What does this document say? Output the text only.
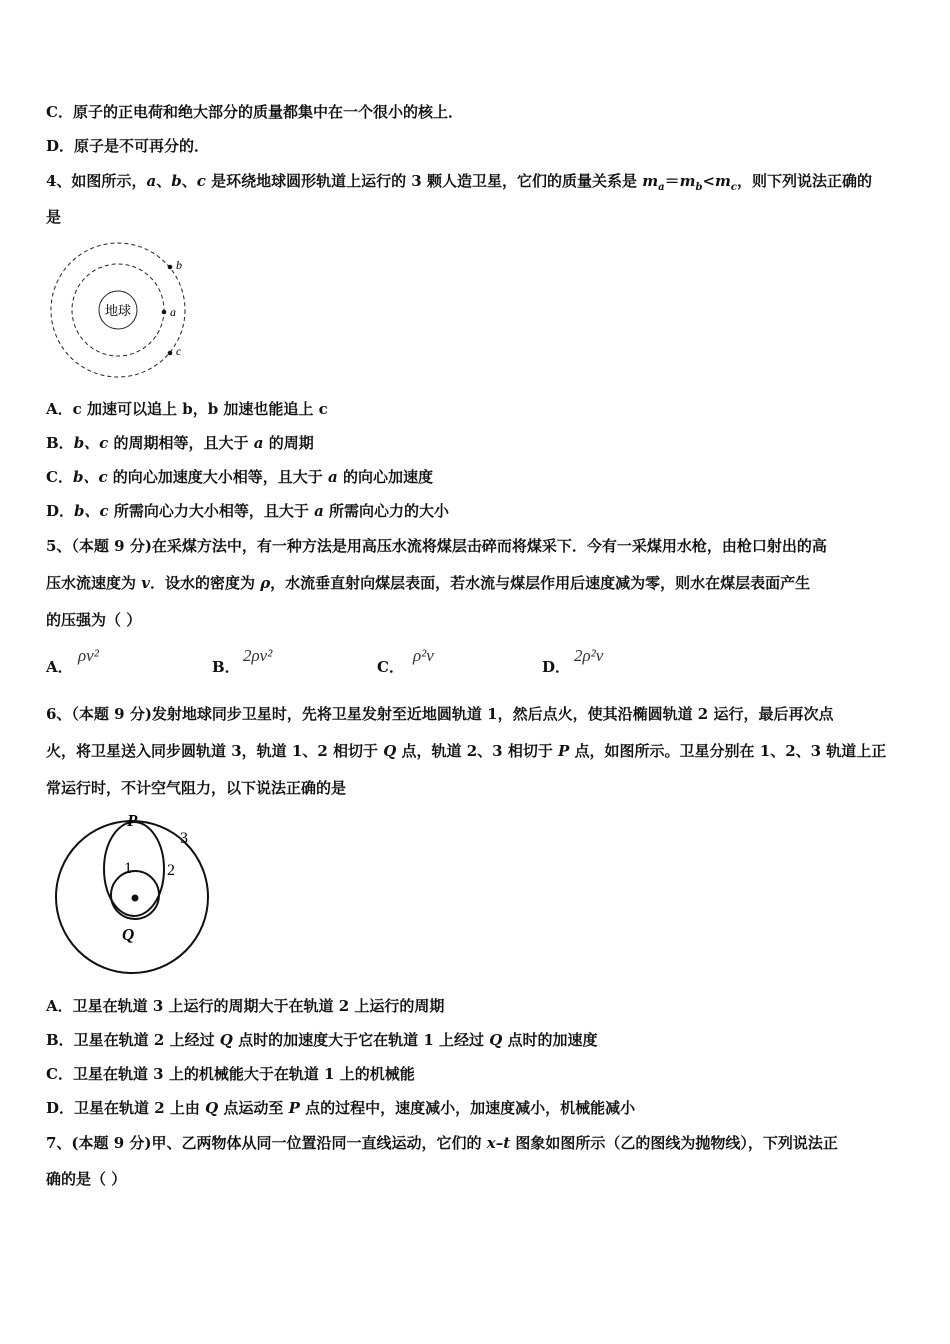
C．原子的正电荷和绝大部分的质量都集中在一个很小的核上．
D．原子是不可再分的．
4、如图所示，a、b、c 是环绕地球圆形轨道上运行的 3 颗人造卫星，它们的质量关系是 $m_a=m_b<m_c$，则下列说法正确的
是
地球	a
b
c
A．c 加速可以追上 b，b 加速也能追上 c
B．b、c 的周期相等，且大于 a 的周期
C．b、c 的向心加速度大小相等，且大于 a 的向心加速度
D．b、c 所需向心力大小相等，且大于 a 所需向心力的大小
5、（本题 9 分)在采煤方法中，有一种方法是用高压水流将煤层击碎而将煤采下．今有一采煤用水枪，由枪口射出的高
压水流速度为 v．设水的密度为 ρ，水流垂直射向煤层表面，若水流与煤层作用后速度减为零，则水在煤层表面产生
的压强为（ ）
A．
ρv²
B．
2ρv²
C．
ρ²v
D．
2ρ²v
6、（本题 9 分)发射地球同步卫星时，先将卫星发射至近地圆轨道 1，然后点火，使其沿椭圆轨道 2 运行，最后再次点
火，将卫星送入同步圆轨道 3，轨道 1、2 相切于 Q 点，轨道 2、3 相切于 P 点，如图所示。卫星分别在 1、2、3 轨道上正
常运行时，不计空气阻力，以下说法正确的是
P
Q
1 2
3
A．卫星在轨道 3 上运行的周期大于在轨道 2 上运行的周期
B．卫星在轨道 2 上经过 Q 点时的加速度大于它在轨道 1 上经过 Q 点时的加速度
C．卫星在轨道 3 上的机械能大于在轨道 1 上的机械能
D．卫星在轨道 2 上由 Q 点运动至 P 点的过程中，速度减小，加速度减小，机械能减小
7、(本题 9 分)甲、乙两物体从同一位置沿同一直线运动，它们的 x–t 图象如图所示（乙的图线为抛物线），下列说法正
确的是（ ）
